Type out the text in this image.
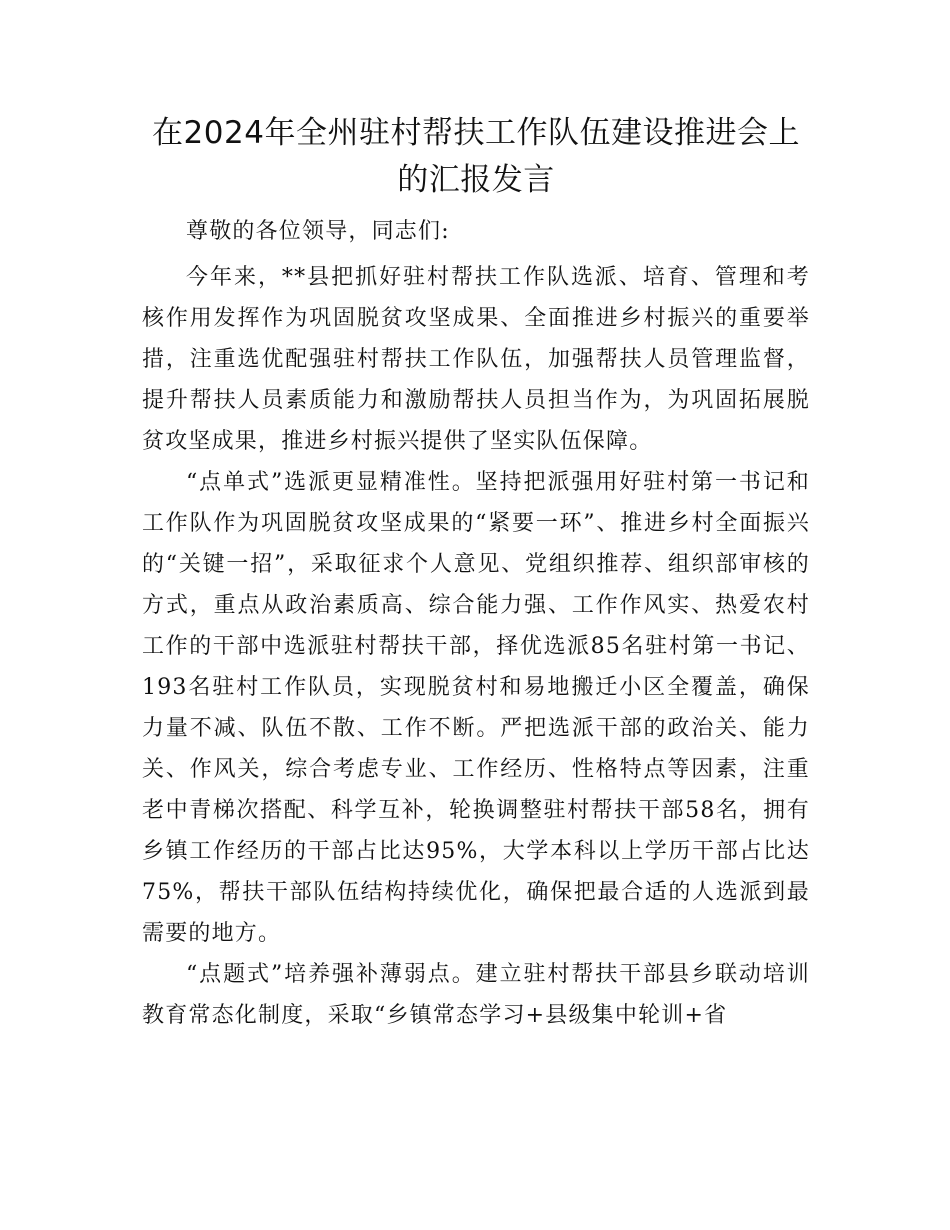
在2024年全州驻村帮扶工作队伍建设推进会上
的汇报发言

尊敬的各位领导，同志们:

今年来，**县把抓好驻村帮扶工作队选派、培育、管理和考核作用发挥作为巩固脱贫攻坚成果、全面推进乡村振兴的重要举措，注重选优配强驻村帮扶工作队伍，加强帮扶人员管理监督，提升帮扶人员素质能力和激励帮扶人员担当作为，为巩固拓展脱贫攻坚成果，推进乡村振兴提供了坚实队伍保障。

“点单式”选派更显精准性。坚持把派强用好驻村第一书记和工作队作为巩固脱贫攻坚成果的“紧要一环”、推进乡村全面振兴的“关键一招”，采取征求个人意见、党组织推荐、组织部审核的方式，重点从政治素质高、综合能力强、工作作风实、热爱农村工作的干部中选派驻村帮扶干部，择优选派85名驻村第一书记、193名驻村工作队员，实现脱贫村和易地搬迁小区全覆盖，确保力量不减、队伍不散、工作不断。严把选派干部的政治关、能力关、作风关，综合考虑专业、工作经历、性格特点等因素，注重老中青梯次搭配、科学互补，轮换调整驻村帮扶干部58名，拥有乡镇工作经历的干部占比达95%，大学本科以上学历干部占比达75%，帮扶干部队伍结构持续优化，确保把最合适的人选派到最需要的地方。

“点题式”培养强补薄弱点。建立驻村帮扶干部县乡联动培训教育常态化制度，采取“乡镇常态学习+县级集中轮训+省
